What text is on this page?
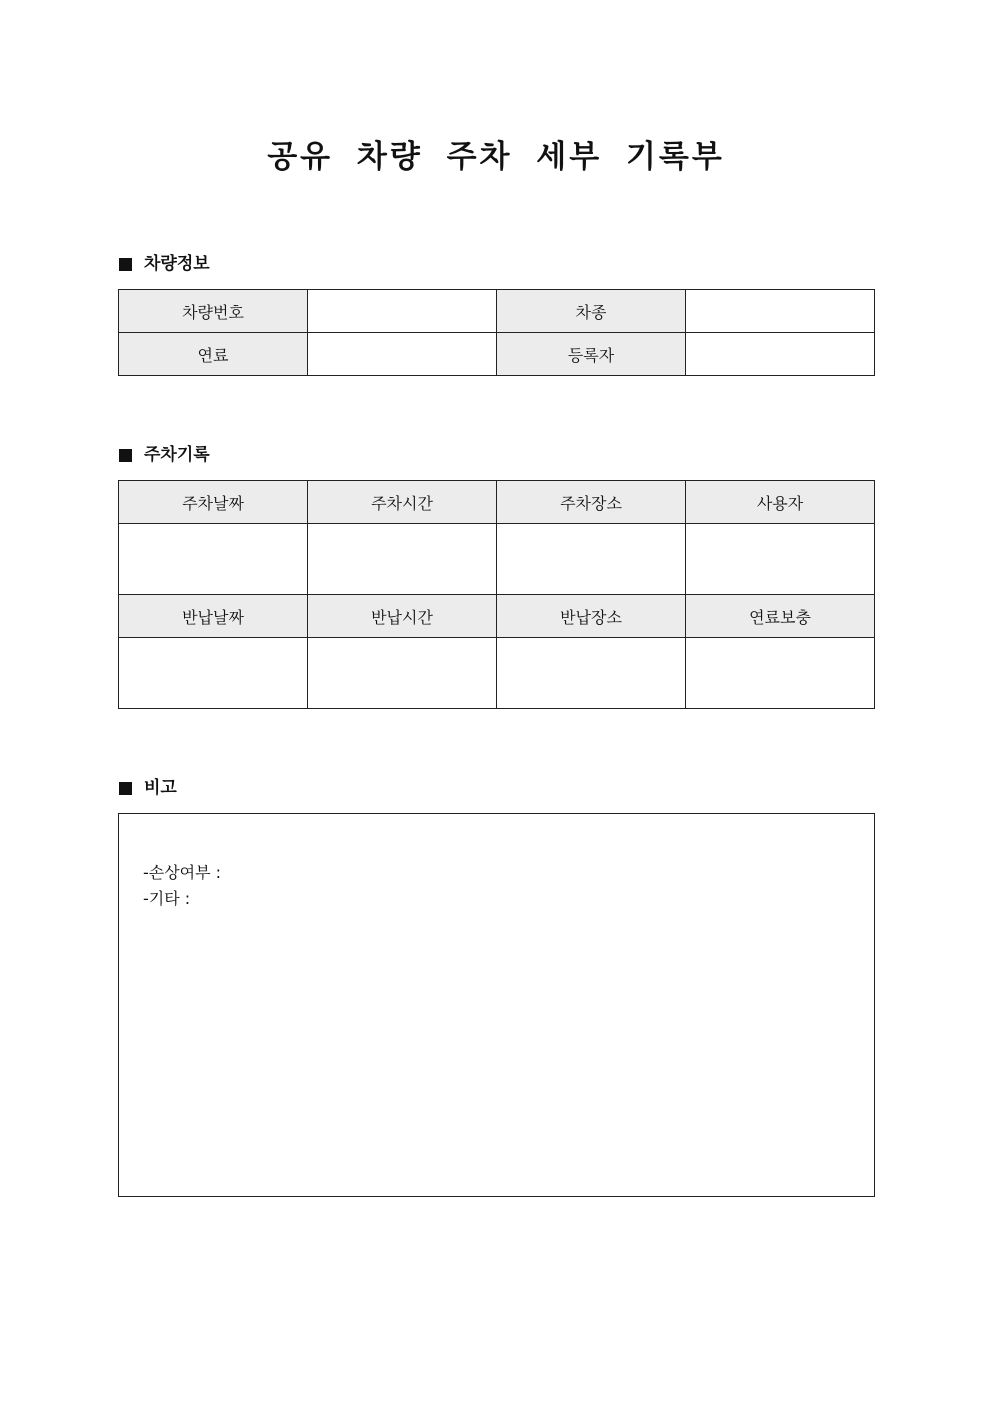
공유 차량 주차 세부 기록부
차량정보
차량번호		차종	
연료		등록자	
주차기록
주차날짜	주차시간	주차장소	사용자

반납날짜	반납시간	반납장소	연료보충

비고
-손상여부 :
-기타 :
